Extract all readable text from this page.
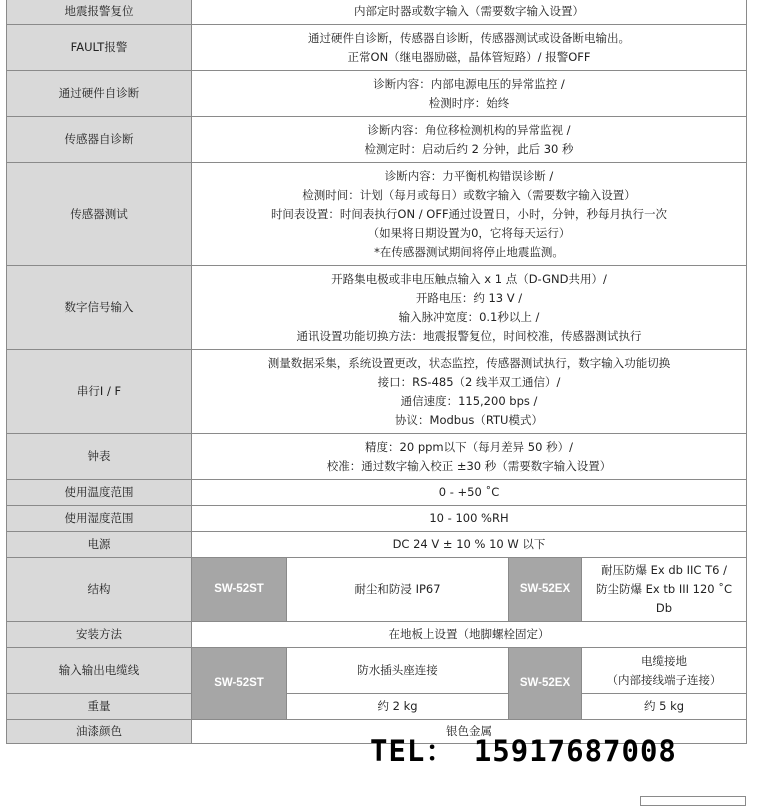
地震报警复位	内部定时器或数字输入（需要数字输入设置）			

FAULT报警	通过硬件自诊断，传感器自诊断，传感器测试或设备断电输出。
正常ON（继电器励磁，晶体管短路）/ 报警OFF			

通过硬件自诊断	诊断内容：内部电源电压的异常监控 /
检测时序：始终			

传感器自诊断	诊断内容：角位移检测机构的异常监视 /
检测定时：启动后约 2 分钟，此后 30 秒			

传感器测试	诊断内容：力平衡机构错误诊断 /
检测时间：计划（每月或每日）或数字输入（需要数字输入设置）
时间表设置：时间表执行ON / OFF通过设置日，小时，分钟，秒每月执行一次
（如果将日期设置为0，它将每天运行）
*在传感器测试期间将停止地震监测。			

数字信号输入	开路集电极或非电压触点输入 x 1 点（D-GND共用）/
开路电压：约 13 V /
输入脉冲宽度：0.1秒以上 /
通讯设置功能切换方法：地震报警复位，时间校准，传感器测试执行			

串行I / F	测量数据采集，系统设置更改，状态监控，传感器测试执行，数字输入功能切换
接口：RS-485（2 线半双工通信）/
通信速度：115,200 bps /
协议：Modbus（RTU模式）			

钟表	精度：20 ppm以下（每月差异 50 秒）/
校准：通过数字输入校正 ±30 秒（需要数字输入设置）			

使用温度范围	0 - +50 ˚C			

使用湿度范围	10 - 100 %RH			

电源	DC 24 V ± 10 % 10 W 以下			

结构	SW-52ST	耐尘和防浸 IP67	SW-52EX	耐压防爆 Ex db IIC T6 /
防尘防爆 Ex tb III 120 ˚C
Db

安装方法	在地板上设置（地脚螺栓固定）			
输入输出电缆线	SW-52ST	防水插头座连接	SW-52EX	电缆接地
（内部接线端子连接）

重量		约 2 kg		约 5 kg
油漆颜色	银色金属			
TEL： 15917687008
